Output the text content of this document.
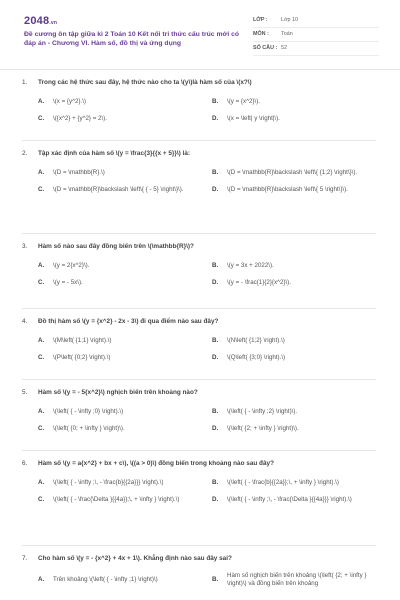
2048.vn
Đề cương ôn tập giữa kì 2 Toán 10 Kết nối tri thức cấu trúc mới có đáp án - Chương VI. Hàm số, đồ thị và ứng dụng
LỚP :	Lớp 10
MÔN :	Toán
SỐ CÂU : 52
1.	Trong các hệ thức sau đây, hệ thức nào cho ta \(y\)là hàm số của \(x?\)
A.	\(x = {y^2}.\)	B.	\(y = {x^2}\).
C.	\({x^2} + {y^2} = 2\).	D.	\(x = \left| y \right|\).
2.	Tập xác định của hàm số \(y = \frac{3}{{x + 5}}\) là:
A.	\(D = \mathbb{R}.\)	B.	\(D = \mathbb{R}\backslash \left\{ {1;2} \right\}\).
C.	\(D = \mathbb{R}\backslash \left\{ { - 5} \right\}\).	D.	\(D = \mathbb{R}\backslash \left\{ 5 \right\}\).
3.	Hàm số nào sau đây đồng biến trên \(\mathbb{R}\)?
A.	\(y = 2{x^2}\).	B.	\(y = 3x + 2022\).
C.	\(y = - 5x\).	D.	\(y = - \frac{1}{2}{x^2}\).
4.	Đồ thị hàm số \(y = {x^2} - 2x - 3\) đi qua điểm nào sau đây?
A.	\(M\left( {1;1} \right).\)	B.	\(N\left( {1;2} \right).\)
C.	\(P\left( {0;2} \right).\)	D.	\(Q\left( {3;0} \right).\)
5.	Hàm số \(y = - 5{x^2}\) nghịch biến trên khoảng nào?
A.	\(\left( { - \infty ;0} \right).\)	B.	\(\left( { - \infty ;2} \right)\).
C.	\(\left( {0; + \infty } \right)\).	D.	\(\left( {2; + \infty } \right)\).
6.	Hàm số \(y = a{x^2} + bx + c\), \((a > 0)\) đồng biến trong khoảng nào sau đây?
A.	\(\left( { - \infty ;\, - \frac{b}{{2a}}} \right).\)	B.	\(\left( { - \frac{b}{{2a}};\, + \infty } \right).\)
C.	\(\left( { - \frac{\Delta }{{4a}};\, + \infty } \right).\)	D.	\(\left( { - \infty ;\, - \frac{\Delta }{{4a}}} \right).\)
7.	Cho hàm số \(y = - {x^2} + 4x + 1\). Khẳng định nào sau đây sai?
A.	Trên khoảng \(\left( { - \infty ;1} \right)\)	B.
Hàm số nghịch biến trên khoảng \(\left( {2; + \infty } \right)\) và đồng biến trên khoảng
